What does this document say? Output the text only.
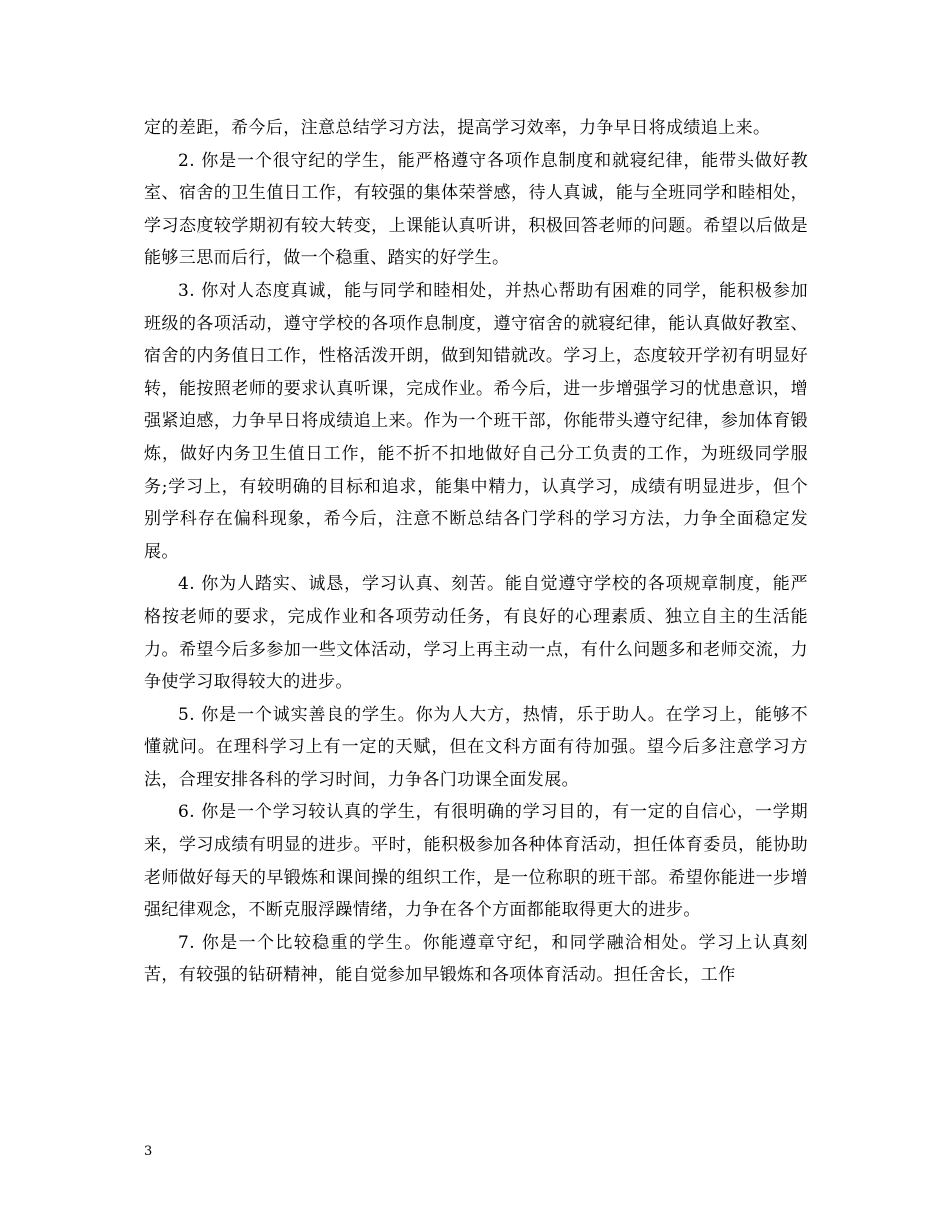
定的差距，希今后，注意总结学习方法，提高学习效率，力争早日将成绩追上来。

2. 你是一个很守纪的学生，能严格遵守各项作息制度和就寝纪律，能带头做好教室、宿舍的卫生值日工作，有较强的集体荣誉感，待人真诚，能与全班同学和睦相处，学习态度较学期初有较大转变，上课能认真听讲，积极回答老师的问题。希望以后做是能够三思而后行，做一个稳重、踏实的好学生。

3. 你对人态度真诚，能与同学和睦相处，并热心帮助有困难的同学，能积极参加班级的各项活动，遵守学校的各项作息制度，遵守宿舍的就寝纪律，能认真做好教室、宿舍的内务值日工作，性格活泼开朗，做到知错就改。学习上，态度较开学初有明显好转，能按照老师的要求认真听课，完成作业。希今后，进一步增强学习的忧患意识，增强紧迫感，力争早日将成绩追上来。作为一个班干部，你能带头遵守纪律，参加体育锻炼，做好内务卫生值日工作，能不折不扣地做好自己分工负责的工作，为班级同学服务;学习上，有较明确的目标和追求，能集中精力，认真学习，成绩有明显进步，但个别学科存在偏科现象，希今后，注意不断总结各门学科的学习方法，力争全面稳定发展。

4. 你为人踏实、诚恳，学习认真、刻苦。能自觉遵守学校的各项规章制度，能严格按老师的要求，完成作业和各项劳动任务，有良好的心理素质、独立自主的生活能力。希望今后多参加一些文体活动，学习上再主动一点，有什么问题多和老师交流，力争使学习取得较大的进步。

5. 你是一个诚实善良的学生。你为人大方，热情，乐于助人。在学习上，能够不懂就问。在理科学习上有一定的天赋，但在文科方面有待加强。望今后多注意学习方法，合理安排各科的学习时间，力争各门功课全面发展。

6. 你是一个学习较认真的学生，有很明确的学习目的，有一定的自信心，一学期来，学习成绩有明显的进步。平时，能积极参加各种体育活动，担任体育委员，能协助老师做好每天的早锻炼和课间操的组织工作，是一位称职的班干部。希望你能进一步增强纪律观念，不断克服浮躁情绪，力争在各个方面都能取得更大的进步。

7. 你是一个比较稳重的学生。你能遵章守纪，和同学融洽相处。学习上认真刻苦，有较强的钻研精神，能自觉参加早锻炼和各项体育活动。担任舍长，工作

3
